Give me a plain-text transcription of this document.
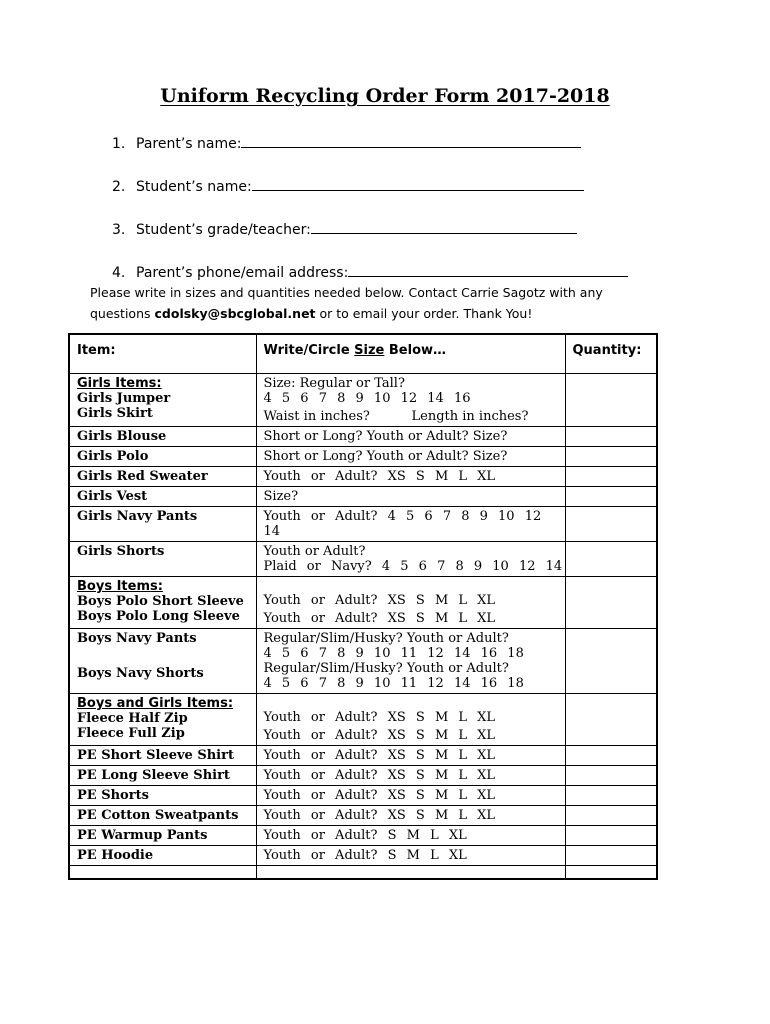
Uniform Recycling Order Form 2017-2018
1. Parent’s name:
2. Student’s name:
3. Student’s grade/teacher:
4. Parent’s phone/email address:
Please write in sizes and quantities needed below. Contact Carrie Sagotz with any
questions cdolsky@sbcglobal.net or to email your order. Thank You!
Item:	Write/Circle Size Below…	Quantity:

Girls Items:
Girls Jumper
Girls Skirt	Size: Regular or Tall?
4 5 6 7 8 9 10 12 14 16
Waist in inches? Length in inches?	

Girls Blouse	Short or Long? Youth or Adult? Size?	
Girls Polo	Short or Long? Youth or Adult? Size?	
Girls Red Sweater	Youth or Adult? XS S M L XL	
Girls Vest	Size?	
Girls Navy Pants	Youth or Adult? 4 5 6 7 8 9 10 12 14	
Girls Shorts	Youth or Adult?
Plaid or Navy? 4 5 6 7 8 9 10 12 14	

Boys Items:
Boys Polo Short Sleeve
Boys Polo Long Sleeve	Youth or Adult? XS S M L XL
Youth or Adult? XS S M L XL	

Boys Navy Pants
Boys Navy Shorts	Regular/Slim/Husky? Youth or Adult?
4 5 6 7 8 9 10 11 12 14 16 18
Regular/Slim/Husky? Youth or Adult?
4 5 6 7 8 9 10 11 12 14 16 18	

Boys and Girls Items:
Fleece Half Zip
Fleece Full Zip	Youth or Adult? XS S M L XL
Youth or Adult? XS S M L XL	

PE Short Sleeve Shirt	Youth or Adult? XS S M L XL	
PE Long Sleeve Shirt	Youth or Adult? XS S M L XL	
PE Shorts	Youth or Adult? XS S M L XL	
PE Cotton Sweatpants	Youth or Adult? XS S M L XL	
PE Warmup Pants	Youth or Adult? S M L XL	
PE Hoodie	Youth or Adult? S M L XL	
